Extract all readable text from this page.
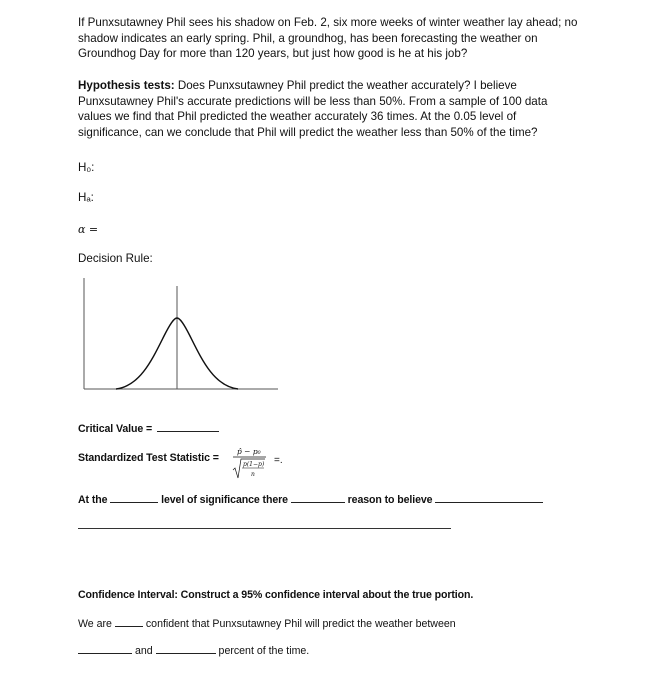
If Punxsutawney Phil sees his shadow on Feb. 2, six more weeks of winter weather lay ahead; no shadow indicates an early spring. Phil, a groundhog, has been forecasting the weather on Groundhog Day for more than 120 years, but just how good is he at his job?
Hypothesis tests: Does Punxsutawney Phil predict the weather accurately? I believe Punxsutawney Phil's accurate predictions will be less than 50%. From a sample of 100 data values we find that Phil predicted the weather accurately 36 times. At the 0.05 level of significance, can we conclude that Phil will predict the weather less than 50% of the time?
H₀:
Hₐ:
α =
Decision Rule:
Critical Value =
Standardized Test Statistic =
p̂ − p₀
p(1−p)
n
=.
At the	level of significance there	reason to believe
Confidence Interval: Construct a 95% confidence interval about the true portion.
We are	confident that Punxsutawney Phil will predict the weather between
and	percent of the time.
